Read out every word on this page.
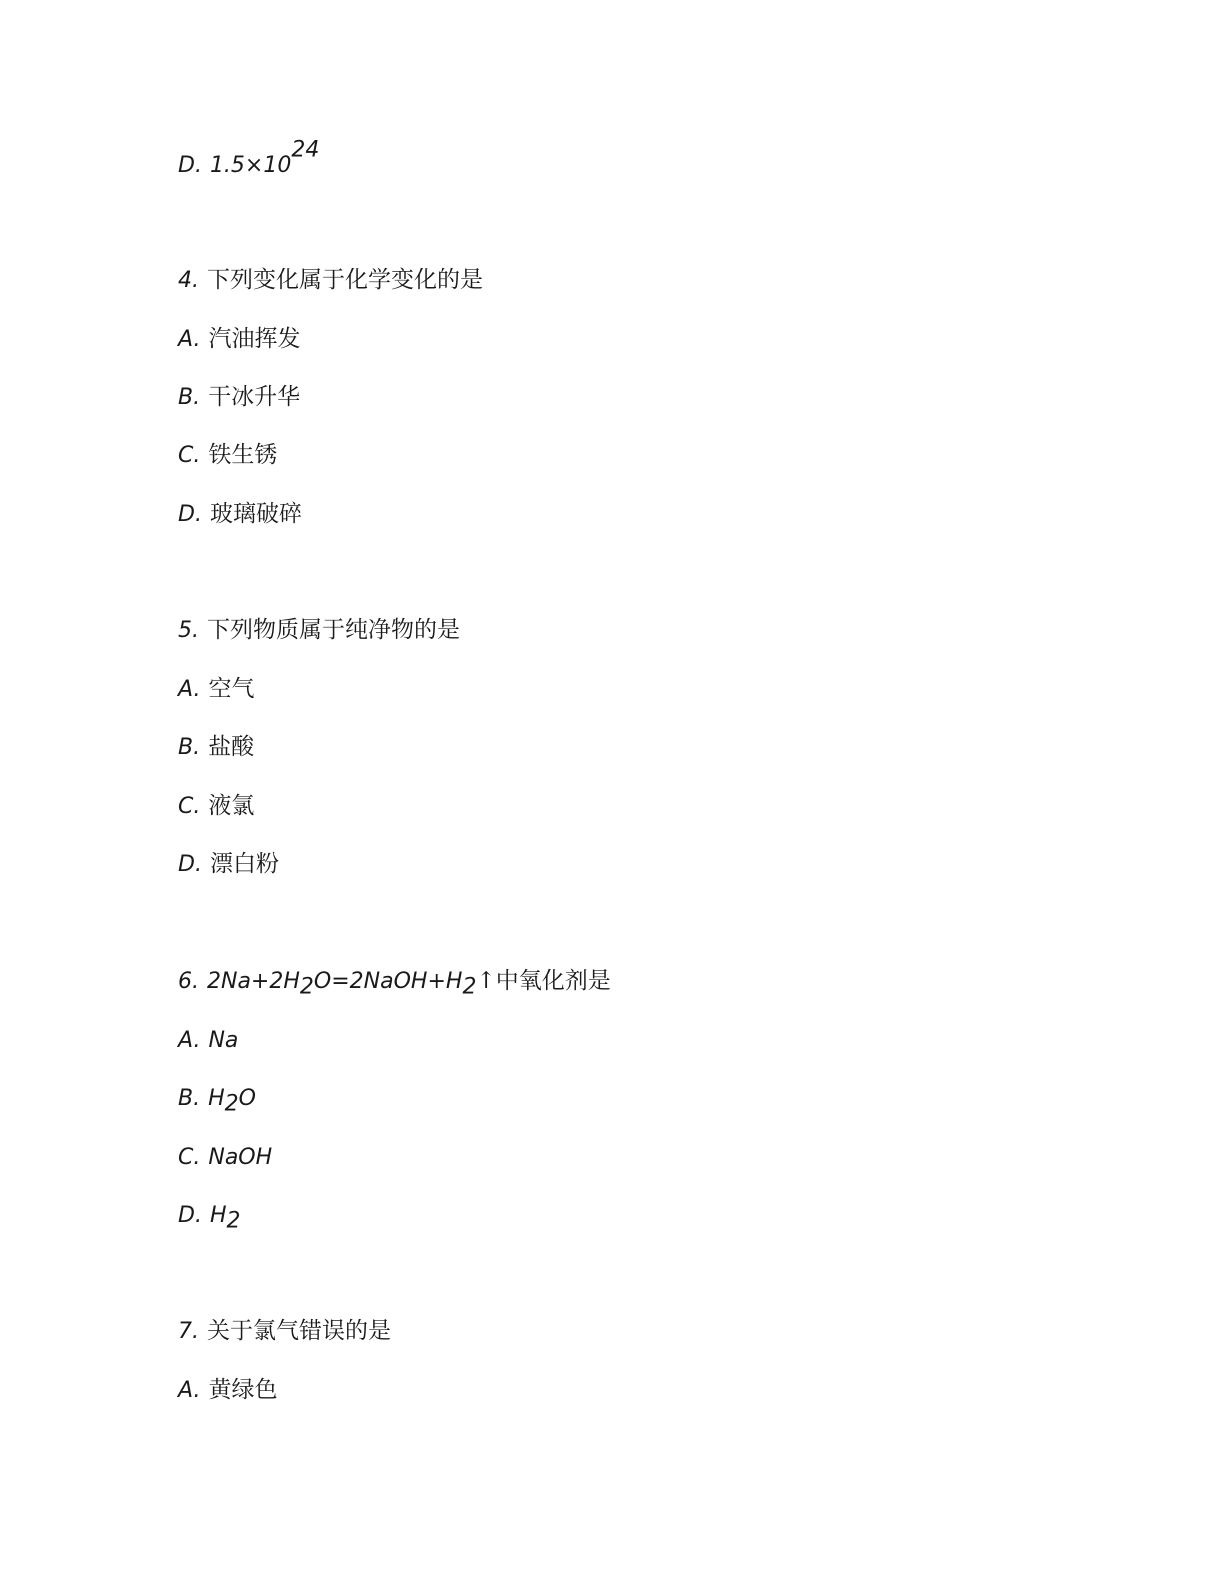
D. $1.5\times 10^{24}$
4. 下列变化属于化学变化的是
A. 汽油挥发
B. 干冰升华
C. 铁生锈
D. 玻璃破碎
5. 下列物质属于纯净物的是
A. 空气
B. 盐酸
C. 液氯
D. 漂白粉
6. $2Na+2H_2O=2NaOH+H_2↑$中氧化剂是
A. Na
B. $H_2O$
C. NaOH
D. $H_2$
7. 关于氯气错误的是
A. 黄绿色
